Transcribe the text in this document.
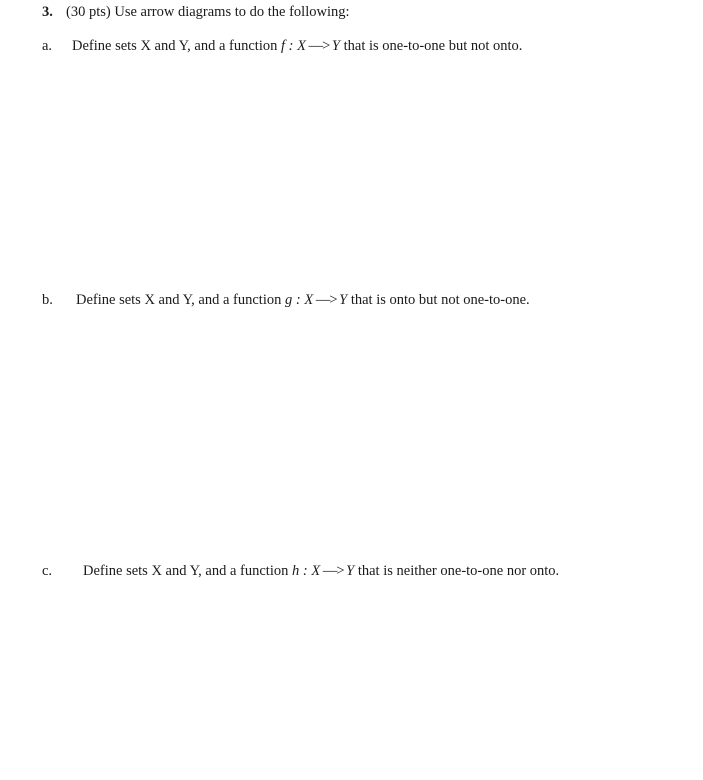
3. (30 pts) Use arrow diagrams to do the following:
a. Define sets X and Y, and a function f : X —> Y that is one-to-one but not onto.
b. Define sets X and Y, and a function g : X —> Y that is onto but not one-to-one.
c. Define sets X and Y, and a function h : X —> Y that is neither one-to-one nor onto.
